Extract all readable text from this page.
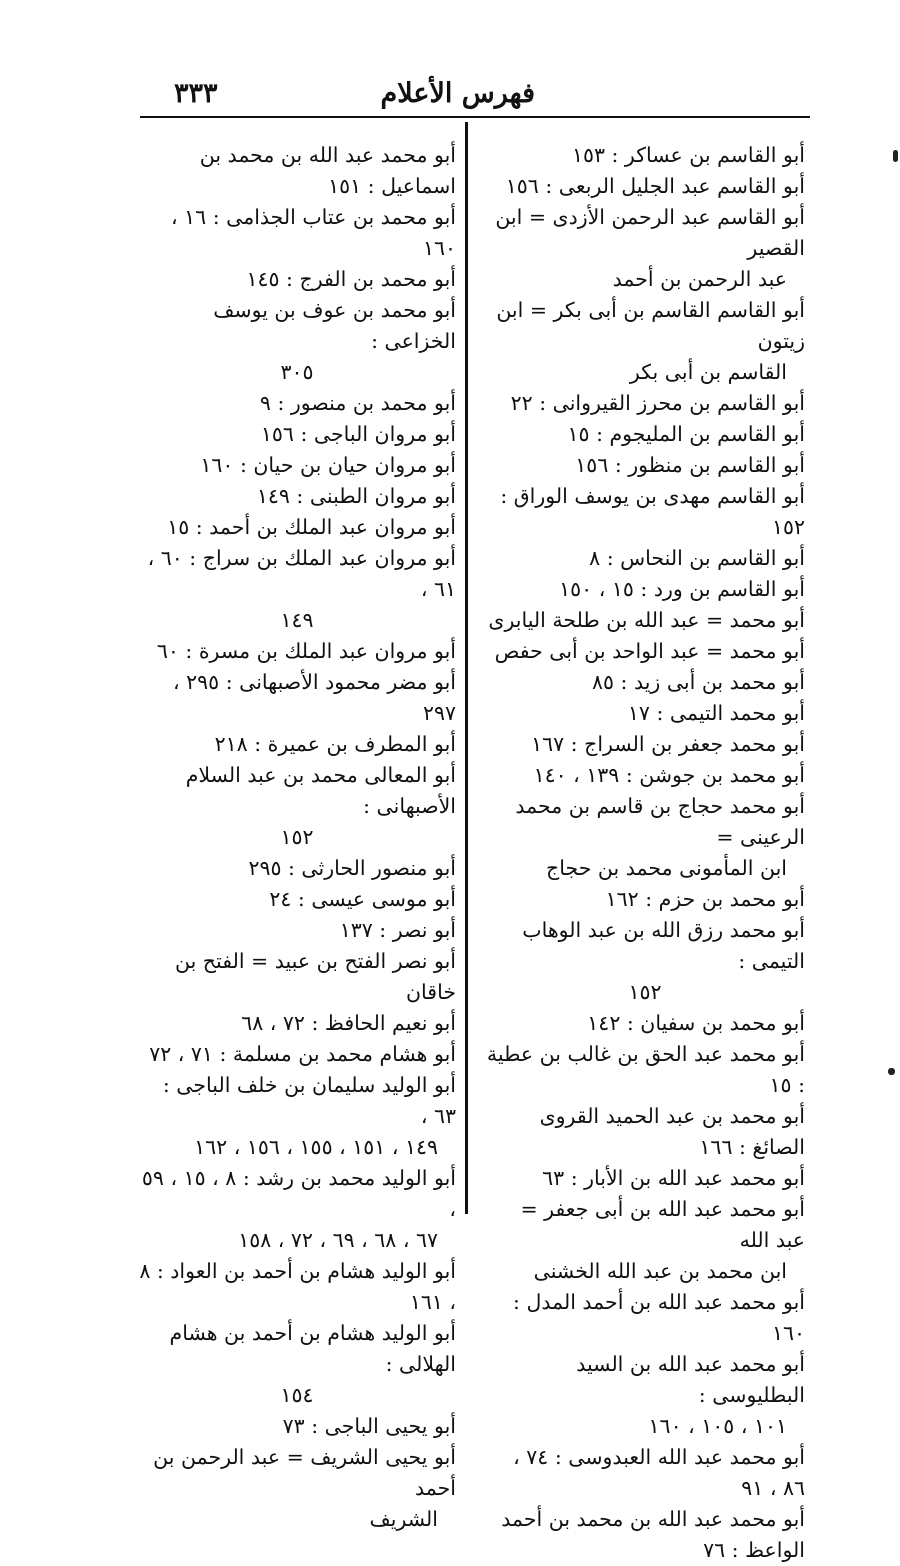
فهرس الأعلام
٣٣٣
أبو القاسم بن عساكر : ١٥٣
أبو القاسم عبد الجليل الربعى : ١٥٦
أبو القاسم عبد الرحمن الأزدى = ابن القصير
عبد الرحمن بن أحمد
أبو القاسم القاسم بن أبى بكر = ابن زيتون
القاسم بن أبى بكر
أبو القاسم بن محرز القيروانى : ٢٢
أبو القاسم بن المليجوم : ١٥
أبو القاسم بن منظور : ١٥٦
أبو القاسم مهدى بن يوسف الوراق : ١٥٢
أبو القاسم بن النحاس : ٨
أبو القاسم بن ورد : ١٥ ، ١٥٠
أبو محمد = عبد الله بن طلحة اليابرى
أبو محمد = عبد الواحد بن أبى حفص
أبو محمد بن أبى زيد : ٨٥
أبو محمد التيمى : ١٧
أبو محمد جعفر بن السراج : ١٦٧
أبو محمد بن جوشن : ١٣٩ ، ١٤٠
أبو محمد حجاج بن قاسم بن محمد الرعينى =
ابن المأمونى محمد بن حجاج
أبو محمد بن حزم : ١٦٢
أبو محمد رزق الله بن عبد الوهاب التيمى :
١٥٢
أبو محمد بن سفيان : ١٤٢
أبو محمد عبد الحق بن غالب بن عطية : ١٥
أبو محمد بن عبد الحميد القروى الصائغ : ١٦٦
أبو محمد عبد الله بن الأبار : ٦٣
أبو محمد عبد الله بن أبى جعفر = عبد الله
ابن محمد بن عبد الله الخشنى
أبو محمد عبد الله بن أحمد المدل : ١٦٠
أبو محمد عبد الله بن السيد البطليوسى :
١٠١ ، ١٠٥ ، ١٦٠
أبو محمد عبد الله العبدوسى : ٧٤ ، ٨٦ ، ٩١
أبو محمد عبد الله بن محمد بن أحمد الواعظ : ٧٦
أبو محمد عبد الله بن محمد بن اسماعيل : ١٥١
أبو محمد بن عتاب الجذامى : ١٦ ، ١٦٠
أبو محمد بن الفرج : ١٤٥
أبو محمد بن عوف بن يوسف الخزاعى :
٣٠٥
أبو محمد بن منصور : ٩
أبو مروان الباجى : ١٥٦
أبو مروان حيان بن حيان : ١٦٠
أبو مروان الطبنى : ١٤٩
أبو مروان عبد الملك بن أحمد : ١٥
أبو مروان عبد الملك بن سراج : ٦٠ ، ٦١ ،
١٤٩
أبو مروان عبد الملك بن مسرة : ٦٠
أبو مضر محمود الأصبهانى : ٢٩٥ ، ٢٩٧
أبو المطرف بن عميرة : ٢١٨
أبو المعالى محمد بن عبد السلام الأصبهانى :
١٥٢
أبو منصور الحارثى : ٢٩٥
أبو موسى عيسى : ٢٤
أبو نصر : ١٣٧
أبو نصر الفتح بن عبيد = الفتح بن خاقان
أبو نعيم الحافظ : ٧٢ ، ٦٨
أبو هشام محمد بن مسلمة : ٧١ ، ٧٢
أبو الوليد سليمان بن خلف الباجى : ٦٣ ،
١٤٩ ، ١٥١ ، ١٥٥ ، ١٥٦ ، ١٦٢
أبو الوليد محمد بن رشد : ٨ ، ١٥ ، ٥٩ ،
٦٧ ، ٦٨ ، ٦٩ ، ٧٢ ، ١٥٨
أبو الوليد هشام بن أحمد بن العواد : ٨ ، ١٦١
أبو الوليد هشام بن أحمد بن هشام الهلالى :
١٥٤
أبو يحيى الباجى : ٧٣
أبو يحيى الشريف = عبد الرحمن بن أحمد
الشريف
